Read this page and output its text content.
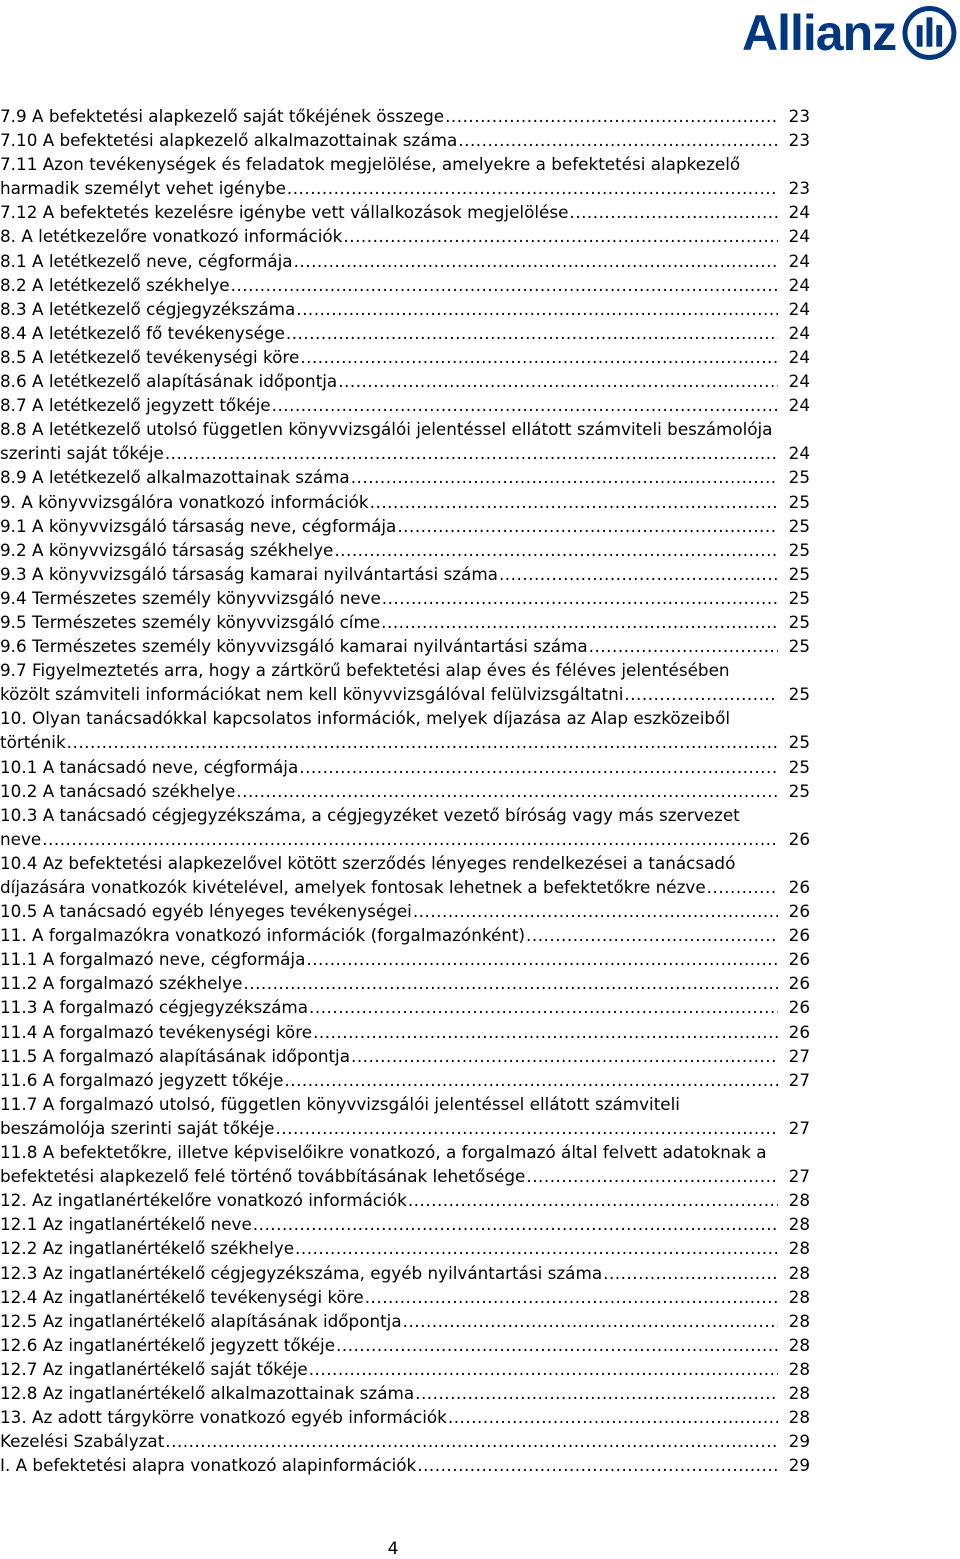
Allianz
7.9 A befektetési alapkezelő saját tőkéjének összege .....	23
7.10 A befektetési alapkezelő alkalmazottainak száma .....	23
7.11 Azon tevékenységek és feladatok megjelölése, amelyekre a befektetési alapkezelő
harmadik személyt vehet igénybe .....	23
7.12 A befektetés kezelésre igénybe vett vállalkozások megjelölése .....	24
8. A letétkezelőre vonatkozó információk .....	24
8.1 A letétkezelő neve, cégformája .....	24
8.2 A letétkezelő székhelye .....	24
8.3 A letétkezelő cégjegyzékszáma .....	24
8.4 A letétkezelő fő tevékenysége .....	24
8.5 A letétkezelő tevékenységi köre .....	24
8.6 A letétkezelő alapításának időpontja .....	24
8.7 A letétkezelő jegyzett tőkéje .....	24
8.8 A letétkezelő utolsó független könyvvizsgálói jelentéssel ellátott számviteli beszámolója
szerinti saját tőkéje .....	24
8.9 A letétkezelő alkalmazottainak száma .....	25
9. A könyvvizsgálóra vonatkozó információk .....	25
9.1 A könyvvizsgáló társaság neve, cégformája .....	25
9.2 A könyvvizsgáló társaság székhelye .....	25
9.3 A könyvvizsgáló társaság kamarai nyilvántartási száma .....	25
9.4 Természetes személy könyvvizsgáló neve .....	25
9.5 Természetes személy könyvvizsgáló címe .....	25
9.6 Természetes személy könyvvizsgáló kamarai nyilvántartási száma .....	25
9.7 Figyelmeztetés arra, hogy a zártkörű befektetési alap éves és féléves jelentésében
közölt számviteli információkat nem kell könyvvizsgálóval felülvizsgáltatni .....	25
10. Olyan tanácsadókkal kapcsolatos információk, melyek díjazása az Alap eszközeiből
történik .....	25
10.1 A tanácsadó neve, cégformája .....	25
10.2 A tanácsadó székhelye .....	25
10.3 A tanácsadó cégjegyzékszáma, a cégjegyzéket vezető bíróság vagy más szervezet
neve .....	26
10.4 Az befektetési alapkezelővel kötött szerződés lényeges rendelkezései a tanácsadó
díjazására vonatkozók kivételével, amelyek fontosak lehetnek a befektetőkre nézve .....	26
10.5 A tanácsadó egyéb lényeges tevékenységei .....	26
11. A forgalmazókra vonatkozó információk (forgalmazónként) .....	26
11.1 A forgalmazó neve, cégformája .....	26
11.2 A forgalmazó székhelye .....	26
11.3 A forgalmazó cégjegyzékszáma .....	26
11.4 A forgalmazó tevékenységi köre .....	26
11.5 A forgalmazó alapításának időpontja .....	27
11.6 A forgalmazó jegyzett tőkéje .....	27
11.7 A forgalmazó utolsó, független könyvvizsgálói jelentéssel ellátott számviteli
beszámolója szerinti saját tőkéje .....	27
11.8 A befektetőkre, illetve képviselőikre vonatkozó, a forgalmazó által felvett adatoknak a
befektetési alapkezelő felé történő továbbításának lehetősége .....	27
12. Az ingatlanértékelőre vonatkozó információk .....	28
12.1 Az ingatlanértékelő neve .....	28
12.2 Az ingatlanértékelő székhelye .....	28
12.3 Az ingatlanértékelő cégjegyzékszáma, egyéb nyilvántartási száma .....	28
12.4 Az ingatlanértékelő tevékenységi köre .....	28
12.5 Az ingatlanértékelő alapításának időpontja .....	28
12.6 Az ingatlanértékelő jegyzett tőkéje .....	28
12.7 Az ingatlanértékelő saját tőkéje .....	28
12.8 Az ingatlanértékelő alkalmazottainak száma .....	28
13. Az adott tárgykörre vonatkozó egyéb információk .....	28
Kezelési Szabályzat .....	29
I. A befektetési alapra vonatkozó alapinformációk .....	29
4
